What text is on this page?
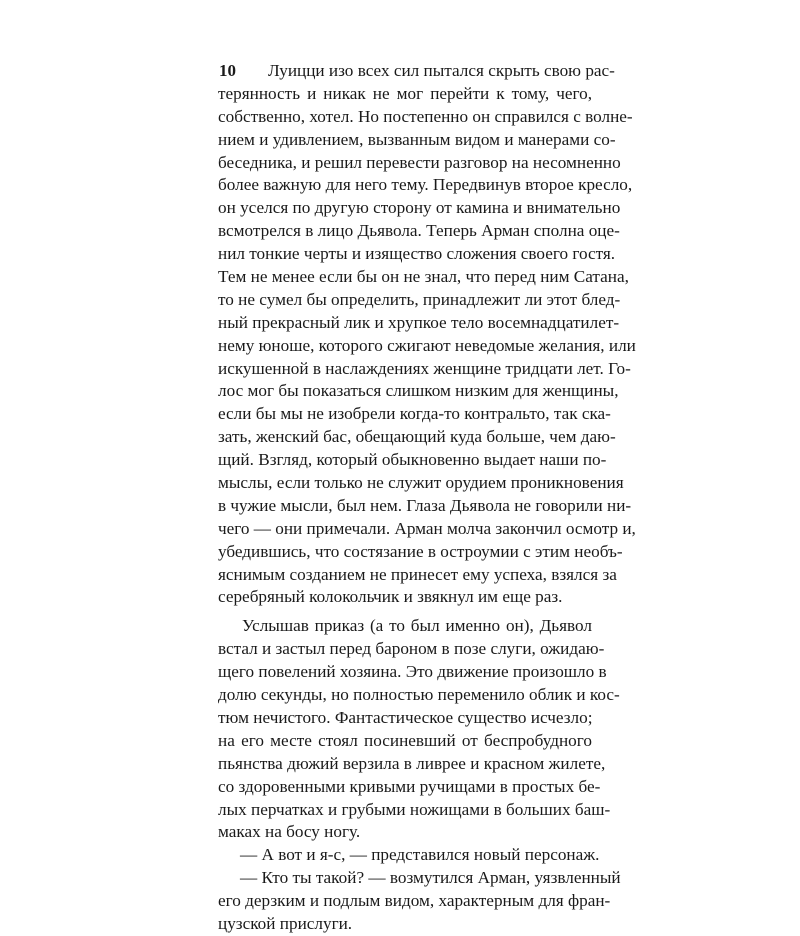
10	Луицци изо всех сил пытался скрыть свою рас-
терянность и никак не мог перейти к тому, чего,
собственно, хотел. Но постепенно он справился с волне-
нием и удивлением, вызванным видом и манерами со-
беседника, и решил перевести разговор на несомненно
более важную для него тему. Передвинув второе кресло,
он уселся по другую сторону от камина и внимательно
всмотрелся в лицо Дьявола. Теперь Арман сполна оце-
нил тонкие черты и изящество сложения своего гостя.
Тем не менее если бы он не знал, что перед ним Сатана,
то не сумел бы определить, принадлежит ли этот блед-
ный прекрасный лик и хрупкое тело восемнадцатилет-
нему юноше, которого сжигают неведомые желания, или
искушенной в наслаждениях женщине тридцати лет. Го-
лос мог бы показаться слишком низким для женщины,
если бы мы не изобрели когда-то контральто, так ска-
зать, женский бас, обещающий куда больше, чем даю-
щий. Взгляд, который обыкновенно выдает наши по-
мыслы, если только не служит орудием проникновения
в чужие мысли, был нем. Глаза Дьявола не говорили ни-
чего — они примечали. Арман молча закончил осмотр и,
убедившись, что состязание в остроумии с этим необъ-
яснимым созданием не принесет ему успеха, взялся за
серебряный колокольчик и звякнул им еще раз.
Услышав приказ (а то был именно он), Дьявол
встал и застыл перед бароном в позе слуги, ожидаю-
щего повелений хозяина. Это движение произошло в
долю секунды, но полностью переменило облик и кос-
тюм нечистого. Фантастическое существо исчезло;
на его месте стоял посиневший от беспробудного
пьянства дюжий верзила в ливрее и красном жилете,
со здоровенными кривыми ручищами в простых бе-
лых перчатках и грубыми ножищами в больших баш-
маках на босу ногу.
— А вот и я-с, — представился новый персонаж.
— Кто ты такой? — возмутился Арман, уязвленный
его дерзким и подлым видом, характерным для фран-
цузской прислуги.
